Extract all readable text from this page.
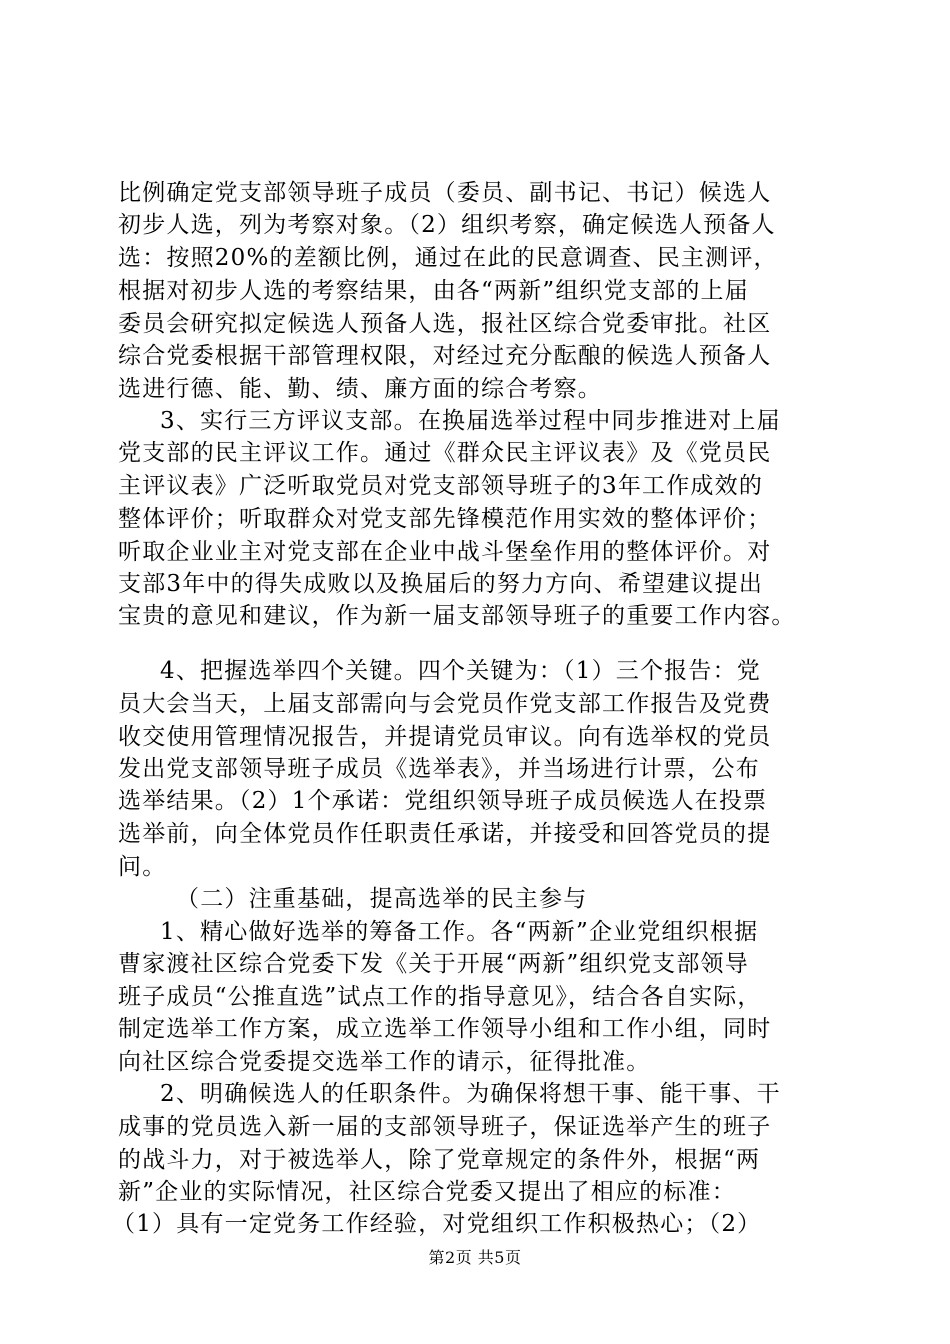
比例确定党支部领导班子成员（委员、副书记、书记）候选人
初步人选，列为考察对象。（2）组织考察，确定候选人预备人
选：按照20%的差额比例，通过在此的民意调查、民主测评，
根据对初步人选的考察结果，由各“两新”组织党支部的上届
委员会研究拟定候选人预备人选，报社区综合党委审批。社区
综合党委根据干部管理权限，对经过充分酝酿的候选人预备人
选进行德、能、勤、绩、廉方面的综合考察。
3、实行三方评议支部。在换届选举过程中同步推进对上届
党支部的民主评议工作。通过《群众民主评议表》及《党员民
主评议表》广泛听取党员对党支部领导班子的3年工作成效的
整体评价；听取群众对党支部先锋模范作用实效的整体评价；
听取企业业主对党支部在企业中战斗堡垒作用的整体评价。对
支部3年中的得失成败以及换届后的努力方向、希望建议提出
宝贵的意见和建议，作为新一届支部领导班子的重要工作内容。
4、把握选举四个关键。四个关键为：（1）三个报告：党
员大会当天，上届支部需向与会党员作党支部工作报告及党费
收交使用管理情况报告，并提请党员审议。向有选举权的党员
发出党支部领导班子成员《选举表》，并当场进行计票，公布
选举结果。（2）1个承诺：党组织领导班子成员候选人在投票
选举前，向全体党员作任职责任承诺，并接受和回答党员的提
问。
（二）注重基础，提高选举的民主参与
1、精心做好选举的筹备工作。各“两新”企业党组织根据
曹家渡社区综合党委下发《关于开展“两新”组织党支部领导
班子成员“公推直选”试点工作的指导意见》，结合各自实际，
制定选举工作方案，成立选举工作领导小组和工作小组，同时
向社区综合党委提交选举工作的请示，征得批准。
2、明确候选人的任职条件。为确保将想干事、能干事、干
成事的党员选入新一届的支部领导班子，保证选举产生的班子
的战斗力，对于被选举人，除了党章规定的条件外，根据“两
新”企业的实际情况，社区综合党委又提出了相应的标准：
（1）具有一定党务工作经验，对党组织工作积极热心；（2）
第2页 共5页
